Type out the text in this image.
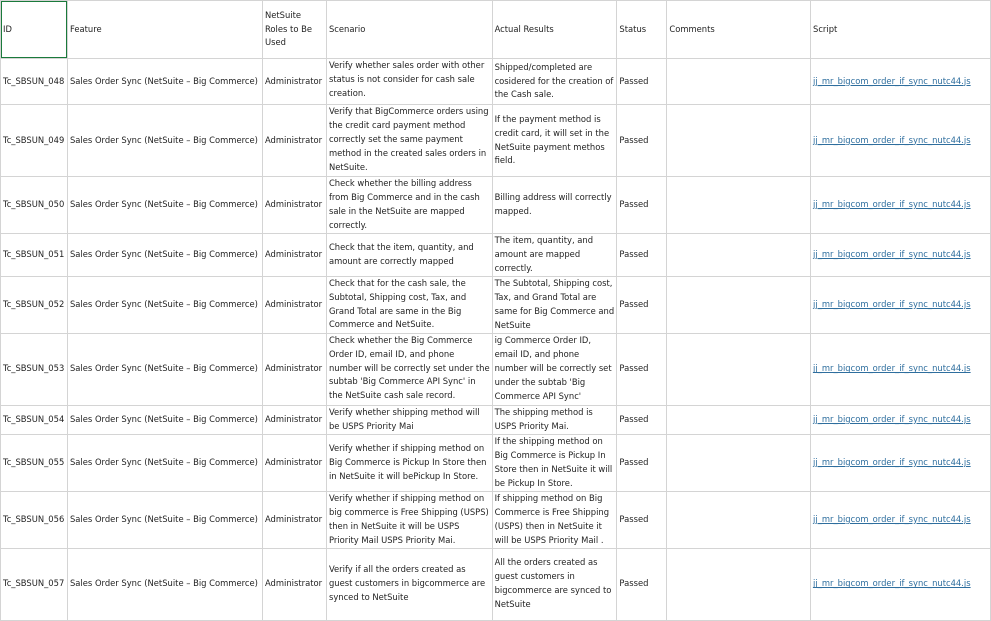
ID	Feature	NetSuite Roles to Be Used	Scenario	Actual Results	Status	Comments	Script
Tc_SBSUN_048	Sales Order Sync (NetSuite – Big Commerce)	Administrator	Verify whether sales order with other status is not consider for cash sale creation.	Shipped/completed are cosidered for the creation of the Cash sale.	Passed		jj_mr_bigcom_order_if_sync_nutc44.js
Tc_SBSUN_049	Sales Order Sync (NetSuite – Big Commerce)	Administrator	Verify that BigCommerce orders using the credit card payment method correctly set the same payment method in the created sales orders in NetSuite.	If the payment method is credit card, it will set in the NetSuite payment methos field.	Passed		jj_mr_bigcom_order_if_sync_nutc44.js
Tc_SBSUN_050	Sales Order Sync (NetSuite – Big Commerce)	Administrator	Check whether the billing address from Big Commerce and in the cash sale in the NetSuite are mapped correctly.	Billing address will correctly mapped.	Passed		jj_mr_bigcom_order_if_sync_nutc44.js
Tc_SBSUN_051	Sales Order Sync (NetSuite – Big Commerce)	Administrator	Check that the item, quantity, and amount are correctly mapped	The item, quantity, and amount are mapped correctly.	Passed		jj_mr_bigcom_order_if_sync_nutc44.js
Tc_SBSUN_052	Sales Order Sync (NetSuite – Big Commerce)	Administrator	Check that for the cash sale, the Subtotal, Shipping cost, Tax, and Grand Total are same in the Big Commerce and NetSuite.	The Subtotal, Shipping cost, Tax, and Grand Total are same for Big Commerce and NetSuite	Passed		jj_mr_bigcom_order_if_sync_nutc44.js
Tc_SBSUN_053	Sales Order Sync (NetSuite – Big Commerce)	Administrator	Check whether the Big Commerce Order ID, email ID, and phone number will be correctly set under the subtab 'Big Commerce API Sync' in the NetSuite cash sale record.	ig Commerce Order ID, email ID, and phone number will be correctly set under the subtab 'Big Commerce API Sync'	Passed		jj_mr_bigcom_order_if_sync_nutc44.js
Tc_SBSUN_054	Sales Order Sync (NetSuite – Big Commerce)	Administrator	Verify whether shipping method will be USPS Priority Mai	The shipping method is USPS Priority Mai.	Passed		jj_mr_bigcom_order_if_sync_nutc44.js
Tc_SBSUN_055	Sales Order Sync (NetSuite – Big Commerce)	Administrator	Verify whether if shipping method on Big Commerce is Pickup In Store then in NetSuite it will bePickup In Store.	If the shipping method on Big Commerce is Pickup In Store then in NetSuite it will be Pickup In Store.	Passed		jj_mr_bigcom_order_if_sync_nutc44.js
Tc_SBSUN_056	Sales Order Sync (NetSuite – Big Commerce)	Administrator	Verify whether if shipping method on big commerce is Free Shipping (USPS) then in NetSuite it will be USPS Priority Mail USPS Priority Mai.	If shipping method on Big Commerce is Free Shipping (USPS) then in NetSuite it will be USPS Priority Mail .	Passed		jj_mr_bigcom_order_if_sync_nutc44.js
Tc_SBSUN_057	Sales Order Sync (NetSuite – Big Commerce)	Administrator	Verify if all the orders created as guest customers in bigcommerce are synced to NetSuite	All the orders created as guest customers in bigcommerce are synced to NetSuite	Passed		jj_mr_bigcom_order_if_sync_nutc44.js
